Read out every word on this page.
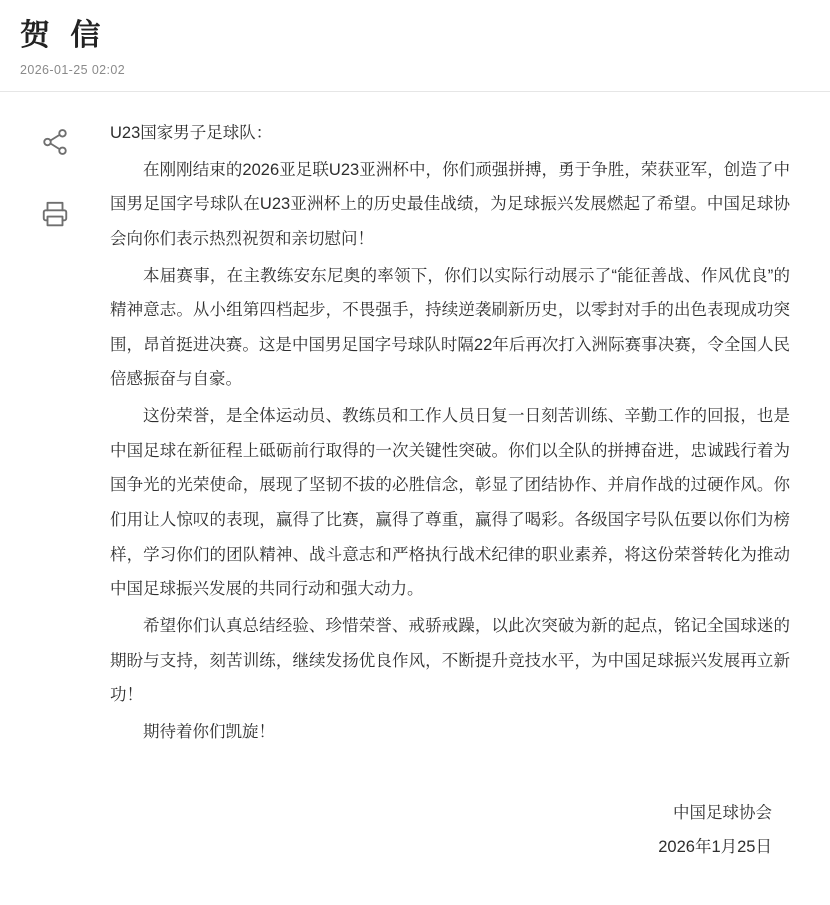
贺 信
2026-01-25 02:02

U23国家男子足球队：

在刚刚结束的2026亚足联U23亚洲杯中，你们顽强拼搏，勇于争胜，荣获亚军，创造了中国男足国字号球队在U23亚洲杯上的历史最佳战绩，为足球振兴发展燃起了希望。中国足球协会向你们表示热烈祝贺和亲切慰问！

本届赛事，在主教练安东尼奥的率领下，你们以实际行动展示了“能征善战、作风优良”的精神意志。从小组第四档起步，不畏强手，持续逆袭刷新历史，以零封对手的出色表现成功突围，昂首挺进决赛。这是中国男足国字号球队时隔22年后再次打入洲际赛事决赛，令全国人民倍感振奋与自豪。

这份荣誉，是全体运动员、教练员和工作人员日复一日刻苦训练、辛勤工作的回报，也是中国足球在新征程上砥砺前行取得的一次关键性突破。你们以全队的拼搏奋进，忠诚践行着为国争光的光荣使命，展现了坚韧不拔的必胜信念，彰显了团结协作、并肩作战的过硬作风。你们用让人惊叹的表现，赢得了比赛，赢得了尊重，赢得了喝彩。各级国字号队伍要以你们为榜样，学习你们的团队精神、战斗意志和严格执行战术纪律的职业素养，将这份荣誉转化为推动中国足球振兴发展的共同行动和强大动力。

希望你们认真总结经验、珍惜荣誉、戒骄戒躁，以此次突破为新的起点，铭记全国球迷的期盼与支持，刻苦训练，继续发扬优良作风，不断提升竞技水平，为中国足球振兴发展再立新功！

期待着你们凯旋！

中国足球协会
2026年1月25日
